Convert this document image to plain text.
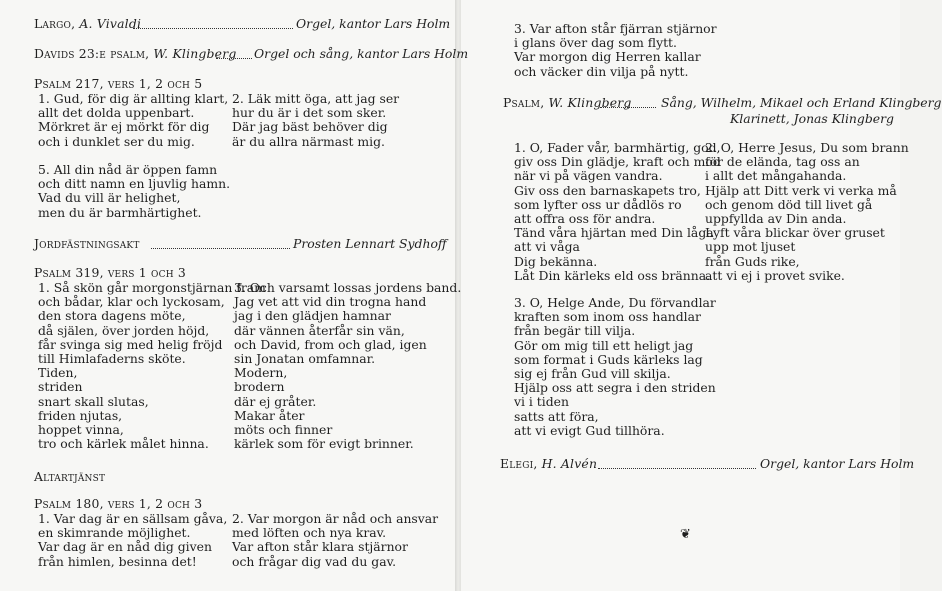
Largo, A. Vivaldi	Orgel, kantor Lars Holm
Davids 23:e psalm, W. Klingberg Orgel och sång, kantor Lars Holm
Psalm 217, vers 1, 2 och 5
1. Gud, för dig är allting klart,
allt det dolda uppenbart.
Mörkret är ej mörkt för dig
och i dunklet ser du mig.
2. Läk mitt öga, att jag ser
hur du är i det som sker.
Där jag bäst behöver dig
är du allra närmast mig.
5. All din nåd är öppen famn
och ditt namn en ljuvlig hamn.
Vad du vill är helighet,
men du är barmhärtighet.
Jordfästningsakt	Prosten Lennart Sydhoff
Psalm 319, vers 1 och 3
1. Så skön går morgonstjärnan fram
och bådar, klar och lyckosam,
den stora dagens möte,
då själen, över jorden höjd,
får svinga sig med helig fröjd
till Himlafaderns sköte.
Tiden,
striden
snart skall slutas,
friden njutas,
hoppet vinna,
tro och kärlek målet hinna.
3. Och varsamt lossas jordens band.
Jag vet att vid din trogna hand
jag i den glädjen hamnar
där vännen återfår sin vän,
och David, from och glad, igen
sin Jonatan omfamnar.
Modern,
brodern
där ej gråter.
Makar åter
möts och finner
kärlek som för evigt brinner.
Altartjänst
Psalm 180, vers 1, 2 och 3
1. Var dag är en sällsam gåva,
en skimrande möjlighet.
Var dag är en nåd dig given
från himlen, besinna det!
2. Var morgon är nåd och ansvar
med löften och nya krav.
Var afton står klara stjärnor
och frågar dig vad du gav.
3. Var afton står fjärran stjärnor
i glans över dag som flytt.
Var morgon dig Herren kallar
och väcker din vilja på nytt.
Psalm, W. Klingberg Sång, Wilhelm, Mikael och Erland Klingberg
Klarinett, Jonas Klingberg
1. O, Fader vår, barmhärtig, god,
giv oss Din glädje, kraft och mod
när vi på vägen vandra.
Giv oss den barnaskapets tro,
som lyfter oss ur dådlös ro
att offra oss för andra.
Tänd våra hjärtan med Din låga
att vi våga
Dig bekänna.
Låt Din kärleks eld oss bränna.
2. O, Herre Jesus, Du som brann
för de elända, tag oss an
i allt det mångahanda.
Hjälp att Ditt verk vi verka må
och genom död till livet gå
uppfyllda av Din anda.
Lyft våra blickar över gruset
upp mot ljuset
från Guds rike,
att vi ej i provet svike.
3. O, Helge Ande, Du förvandlar
kraften som inom oss handlar
från begär till vilja.
Gör om mig till ett heligt jag
som format i Guds kärleks lag
sig ej från Gud vill skilja.
Hjälp oss att segra i den striden
vi i tiden
satts att föra,
att vi evigt Gud tillhöra.
Elegi, H. Alvén	Orgel, kantor Lars Holm
❦
